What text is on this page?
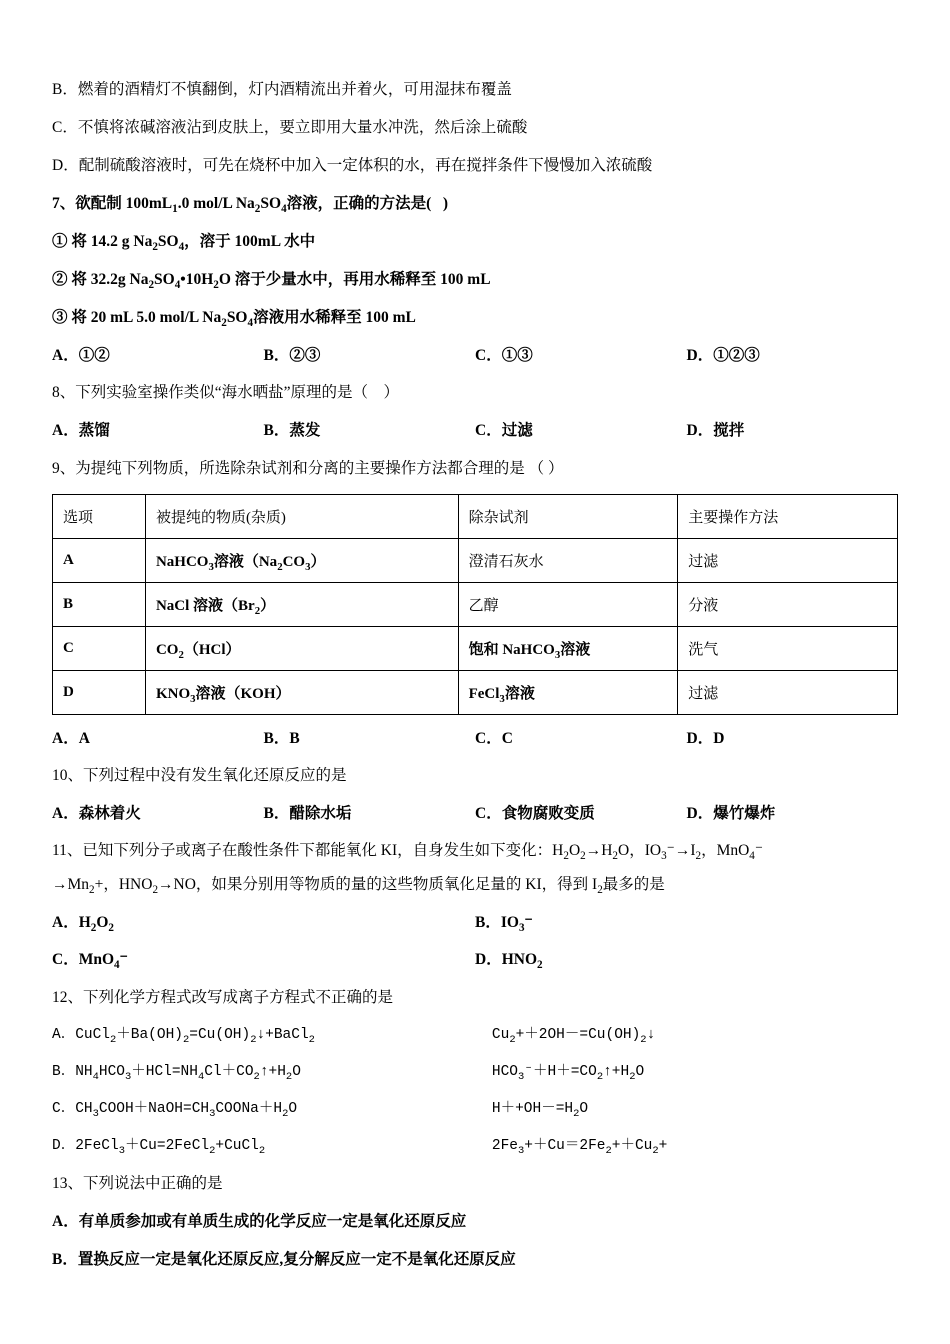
B．燃着的酒精灯不慎翻倒，灯内酒精流出并着火，可用湿抹布覆盖

C．不慎将浓碱溶液沾到皮肤上，要立即用大量水冲洗，然后涂上硫酸

D．配制硫酸溶液时，可先在烧杯中加入一定体积的水，再在搅拌条件下慢慢加入浓硫酸

7、欲配制 $100mL_1.0$ mol/L $Na_2SO_4$溶液，正确的方法是(   )

① 将 14.2 g $Na_2SO_4$，溶于 100mL 水中

② 将 32.2g $Na_2SO_4•10H_2O$ 溶于少量水中，再用水稀释至 100 mL

③ 将 20 mL 5.0 mol/L $Na_2SO_4$溶液用水稀释至 100 mL

A．①②	B．②③	C．①③	D．①②③

8、下列实验室操作类似“海水晒盐”原理的是（    ）

A．蒸馏	B．蒸发	C．过滤	D．搅拌

9、为提纯下列物质，所选除杂试剂和分离的主要操作方法都合理的是 （ ）

选项	被提纯的物质(杂质)	除杂试剂	主要操作方法
A	NaHCO$_3$溶液$(Na_2CO_3)$	澄清石灰水	过滤
B	NaCl 溶液$(Br_2)$	乙醇	分液
C	$CO_2(HCl)$	饱和 NaHCO$_3$溶液	洗气
D	$KNO_3$溶液（KOH）	FeCl$_3$溶液	过滤
A．A	B．B	C．C	D．D

10、下列过程中没有发生氧化还原反应的是

A．森林着火	B．醋除水垢	C．食物腐败变质	D．爆竹爆炸

11、已知下列分子或离子在酸性条件下都能氧化 KI，自身发生如下变化：$H_2O_2\to H_2O$，$IO_3^-\to I_2$，MnO$_4$⁻

$\to Mn_2+$，$HNO_2\to NO$，如果分别用等物质的量的这些物质氧化足量的 KI，得到 $I_2$最多的是

A．$H_2O_2$	B．$IO_3^-$
C．MnO$_4$⁻	D．$HNO_2$

12、下列化学方程式改写成离子方程式不正确的是

A．$CuCl_2+Ba(OH)_2=Cu(OH)_2↓+BaCl_2$	$Cu_2++2OH-=Cu(OH)_2↓$
B．$NH_4HCO_3+HCl=NH_4Cl+CO_2↑+H_2O$	$HCO_3^-+H+=CO_2↑+H_2O$
C．$CH_3COOH+NaOH=CH_3COONa+H_2O$	$H++OH-=H_2O$
D．2FeCl$_3$＋Cu=2FeCl$_2$+CuCl$_2$	$2Fe_3++Cu=2Fe_2++Cu_2+$

13、下列说法中正确的是

A．有单质参加或有单质生成的化学反应一定是氧化还原反应

B．置换反应一定是氧化还原反应,复分解反应一定不是氧化还原反应
